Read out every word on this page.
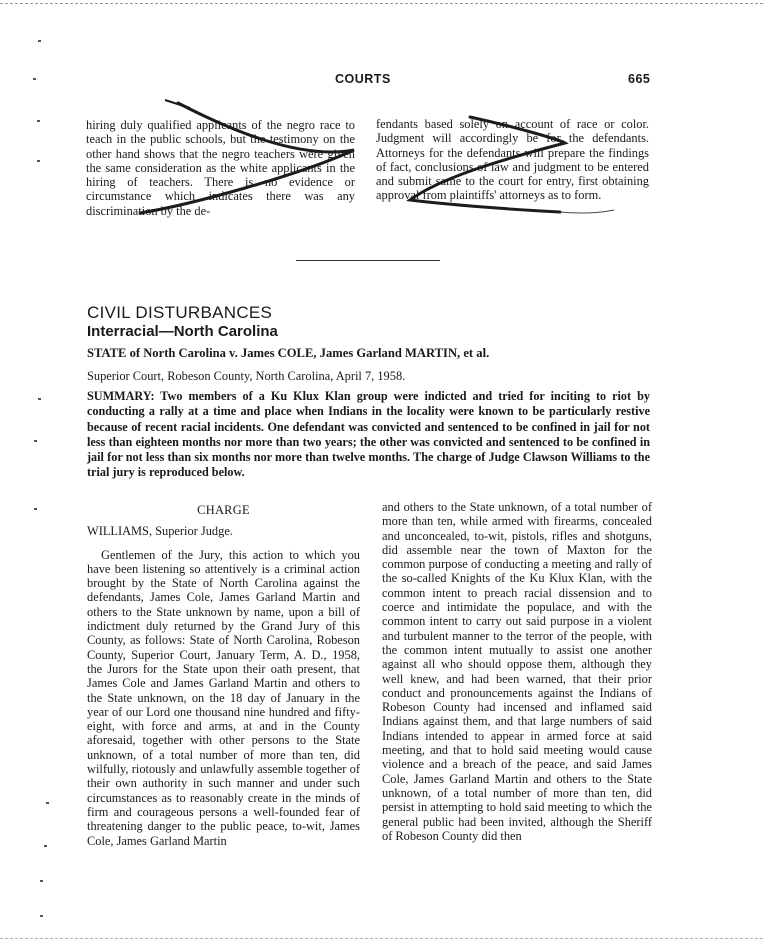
COURTS	665

hiring duly qualified applicants of the negro race to teach in the public schools, but the testimony on the other hand shows that the negro teachers were given the same consideration as the white applicants in the hiring of teachers. There is no evidence or circumstance which indicates there was any discrimination by the de-

fendants based solely on account of race or color. Judgment will accordingly be for the defendants. Attorneys for the defendants will prepare the findings of fact, conclusions of law and judgment to be entered and submit same to the court for entry, first obtaining approval from plaintiffs' attorneys as to form.

CIVIL DISTURBANCES
Interracial—North Carolina
STATE of North Carolina v. James COLE, James Garland MARTIN, et al.
Superior Court, Robeson County, North Carolina, April 7, 1958.
SUMMARY: Two members of a Ku Klux Klan group were indicted and tried for inciting to riot by conducting a rally at a time and place when Indians in the locality were known to be particularly restive because of recent racial incidents. One defendant was convicted and sentenced to be confined in jail for not less than eighteen months nor more than two years; the other was convicted and sentenced to be confined in jail for not less than six months nor more than twelve months. The charge of Judge Clawson Williams to the trial jury is reproduced below.

CHARGE

WILLIAMS, Superior Judge.

Gentlemen of the Jury, this action to which you have been listening so attentively is a criminal action brought by the State of North Carolina against the defendants, James Cole, James Garland Martin and others to the State unknown by name, upon a bill of indictment duly returned by the Grand Jury of this County, as follows: State of North Carolina, Robeson County, Superior Court, January Term, A. D., 1958, the Jurors for the State upon their oath present, that James Cole and James Garland Martin and others to the State unknown, on the 18 day of January in the year of our Lord one thousand nine hundred and fifty-eight, with force and arms, at and in the County aforesaid, together with other persons to the State unknown, of a total number of more than ten, did wilfully, riotously and unlawfully assemble together of their own authority in such manner and under such circumstances as to reasonably create in the minds of firm and courageous persons a well-founded fear of threatening danger to the public peace, to-wit, James Cole, James Garland Martin

and others to the State unknown, of a total number of more than ten, while armed with firearms, concealed and unconcealed, to-wit, pistols, rifles and shotguns, did assemble near the town of Maxton for the common purpose of conducting a meeting and rally of the so-called Knights of the Ku Klux Klan, with the common intent to preach racial dissension and to coerce and intimidate the populace, and with the common intent to carry out said purpose in a violent and turbulent manner to the terror of the people, with the common intent mutually to assist one another against all who should oppose them, although they well knew, and had been warned, that their prior conduct and pronouncements against the Indians of Robeson County had incensed and inflamed said Indians against them, and that large numbers of said Indians intended to appear in armed force at said meeting, and that to hold said meeting would cause violence and a breach of the peace, and said James Cole, James Garland Martin and others to the State unknown, of a total number of more than ten, did persist in attempting to hold said meeting to which the general public had been invited, although the Sheriff of Robeson County did then
